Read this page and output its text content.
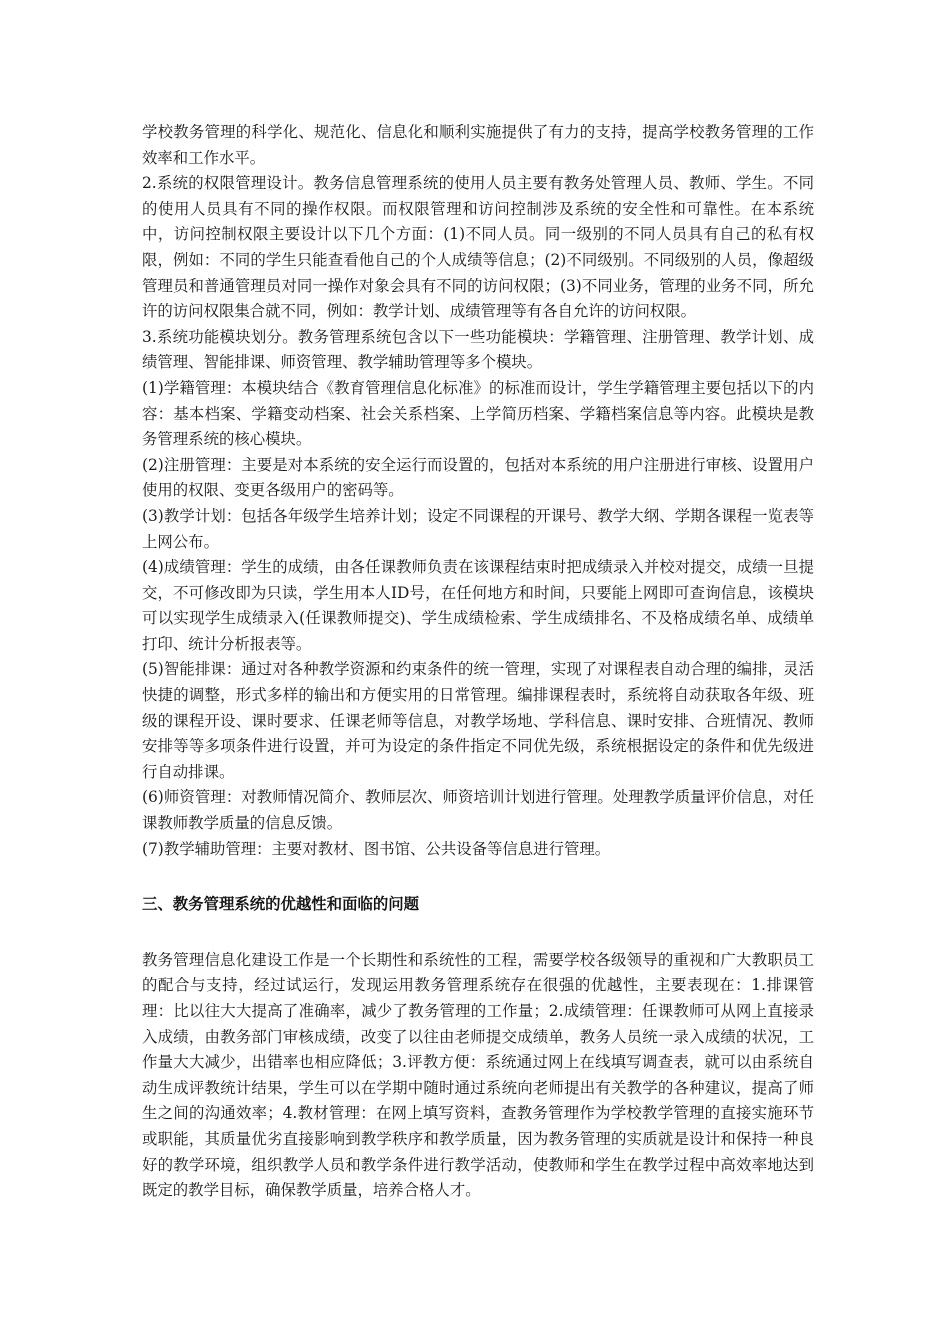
学校教务管理的科学化、规范化、信息化和顺利实施提供了有力的支持，提高学校教务管理的工作效率和工作水平。

2.系统的权限管理设计。教务信息管理系统的使用人员主要有教务处管理人员、教师、学生。不同的使用人员具有不同的操作权限。而权限管理和访问控制涉及系统的安全性和可靠性。在本系统中，访问控制权限主要设计以下几个方面：(1)不同人员。同一级别的不同人员具有自己的私有权限，例如：不同的学生只能查看他自己的个人成绩等信息；(2)不同级别。不同级别的人员，像超级管理员和普通管理员对同一操作对象会具有不同的访问权限；(3)不同业务，管理的业务不同，所允许的访问权限集合就不同，例如：教学计划、成绩管理等有各自允许的访问权限。

3.系统功能模块划分。教务管理系统包含以下一些功能模块：学籍管理、注册管理、教学计划、成绩管理、智能排课、师资管理、教学辅助管理等多个模块。

(1)学籍管理：本模块结合《教育管理信息化标准》的标准而设计，学生学籍管理主要包括以下的内容：基本档案、学籍变动档案、社会关系档案、上学简历档案、学籍档案信息等内容。此模块是教务管理系统的核心模块。

(2)注册管理：主要是对本系统的安全运行而设置的，包括对本系统的用户注册进行审核、设置用户使用的权限、变更各级用户的密码等。

(3)教学计划：包括各年级学生培养计划；设定不同课程的开课号、教学大纲、学期各课程一览表等上网公布。

(4)成绩管理：学生的成绩，由各任课教师负责在该课程结束时把成绩录入并校对提交，成绩一旦提交，不可修改即为只读，学生用本人ID号，在任何地方和时间，只要能上网即可查询信息，该模块可以实现学生成绩录入(任课教师提交)、学生成绩检索、学生成绩排名、不及格成绩名单、成绩单打印、统计分析报表等。

(5)智能排课：通过对各种教学资源和约束条件的统一管理，实现了对课程表自动合理的编排，灵活快捷的调整，形式多样的输出和方便实用的日常管理。编排课程表时，系统将自动获取各年级、班级的课程开设、课时要求、任课老师等信息，对教学场地、学科信息、课时安排、合班情况、教师安排等等多项条件进行设置，并可为设定的条件指定不同优先级，系统根据设定的条件和优先级进行自动排课。

(6)师资管理：对教师情况简介、教师层次、师资培训计划进行管理。处理教学质量评价信息，对任课教师教学质量的信息反馈。

(7)教学辅助管理：主要对教材、图书馆、公共设备等信息进行管理。

三、教务管理系统的优越性和面临的问题

教务管理信息化建设工作是一个长期性和系统性的工程，需要学校各级领导的重视和广大教职员工的配合与支持，经过试运行，发现运用教务管理系统存在很强的优越性，主要表现在：1.排课管理：比以往大大提高了准确率，减少了教务管理的工作量；2.成绩管理：任课教师可从网上直接录入成绩，由教务部门审核成绩，改变了以往由老师提交成绩单，教务人员统一录入成绩的状况，工作量大大减少，出错率也相应降低；3.评教方便：系统通过网上在线填写调查表，就可以由系统自动生成评教统计结果，学生可以在学期中随时通过系统向老师提出有关教学的各种建议，提高了师生之间的沟通效率；4.教材管理：在网上填写资料，查教务管理作为学校教学管理的直接实施环节或职能，其质量优劣直接影响到教学秩序和教学质量，因为教务管理的实质就是设计和保持一种良好的教学环境，组织教学人员和教学条件进行教学活动，使教师和学生在教学过程中高效率地达到既定的教学目标，确保教学质量，培养合格人才。
